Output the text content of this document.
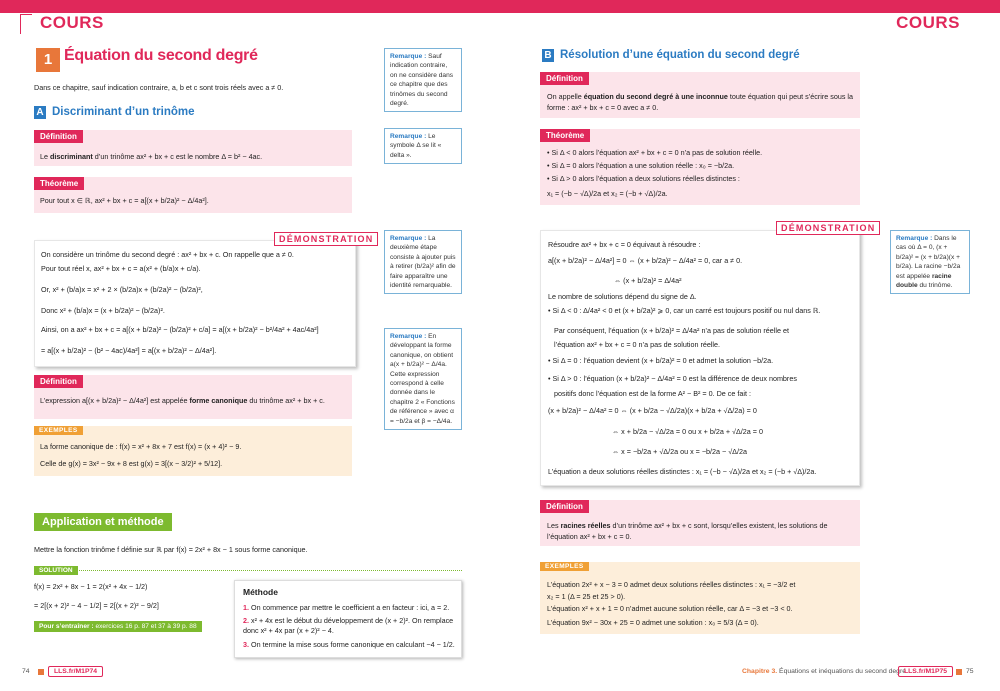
COURS	COURS
1 Équation du second degré
Dans ce chapitre, sauf indication contraire, a, b et c sont trois réels avec a ≠ 0.
A Discriminant d’un trinôme
Définition
Le discriminant d’un trinôme ax² + bx + c est le nombre Δ = b² − 4ac.
Théorème
Pour tout x ∈ ℝ, ax² + bx + c = a[(x + b/2a)² − Δ/4a²].
DÉMONSTRATION
On considère un trinôme du second degré : ax² + bx + c. On rappelle que a ≠ 0.
Pour tout réel x, ax² + bx + c = a(x² + (b/a)x + c/a).
Or, x² + (b/a)x = x² + 2 × (b/2a)x + (b/2a)² − (b/2a)²,
Donc x² + (b/a)x = (x + b/2a)² − (b/2a)².
Ainsi, on a ax² + bx + c = a[(x + b/2a)² − (b/2a)² + c/a] = a[(x + b/2a)² − b²/4a² + 4ac/4a²]
= a[(x + b/2a)² − (b² − 4ac)/4a²] = a[(x + b/2a)² − Δ/4a²].
Définition
L’expression a[(x + b/2a)² − Δ/4a²] est appelée forme canonique du trinôme ax² + bx + c.
EXEMPLES
La forme canonique de : f(x) = x² + 8x + 7 est f(x) = (x + 4)² − 9.
Celle de g(x) = 3x² − 9x + 8 est g(x) = 3[(x − 3/2)² + 5/12].
Remarque : Sauf indication contraire, on ne considère dans ce chapitre que des trinômes du second degré.
Remarque : Le symbole Δ se lit « delta ».
Remarque : La deuxième étape consiste à ajouter puis à retirer (b/2a)² afin de faire apparaître une identité remarquable.
Remarque : En développant la forme canonique, on obtient a(x + b/2a)² − Δ/4a. Cette expression correspond à celle donnée dans le chapitre 2 « Fonctions de référence » avec α = −b/2a et β = −Δ/4a.
Application et méthode
Mettre la fonction trinôme f définie sur ℝ par f(x) = 2x² + 8x − 1 sous forme canonique.
SOLUTION
f(x) = 2x² + 8x − 1 = 2(x² + 4x − 1/2)
= 2[(x + 2)² − 4 − 1/2] = 2[(x + 2)² − 9/2]
Pour s’entraîner : exercices 16 p. 87 et 37 à 39 p. 88
Méthode
1. On commence par mettre le coefficient a en facteur : ici, a = 2.
2. x² + 4x est le début du développement de (x + 2)². On remplace donc x² + 4x par (x + 2)² − 4.
3. On termine la mise sous forme canonique en calculant −4 − 1/2.
74	LLS.fr/M1P74
B Résolution d’une équation du second degré
Définition
On appelle équation du second degré à une inconnue toute équation qui peut s’écrire sous la forme : ax² + bx + c = 0 avec a ≠ 0.
Théorème
• Si Δ < 0 alors l’équation ax² + bx + c = 0 n’a pas de solution réelle.
• Si Δ = 0 alors l’équation a une solution réelle : x₀ = −b/2a.
• Si Δ > 0 alors l’équation a deux solutions réelles distinctes :
x₁ = (−b − √Δ)/2a et x₂ = (−b + √Δ)/2a.
DÉMONSTRATION
Résoudre ax² + bx + c = 0 équivaut à résoudre :
a[(x + b/2a)² − Δ/4a²] = 0 ⇔ (x + b/2a)² − Δ/4a² = 0, car a ≠ 0.
⇔ (x + b/2a)² = Δ/4a²
Le nombre de solutions dépend du signe de Δ.
• Si Δ < 0 : Δ/4a² < 0 et (x + b/2a)² ⩾ 0, car un carré est toujours positif ou nul dans ℝ.
Par conséquent, l’équation (x + b/2a)² = Δ/4a² n’a pas de solution réelle et
l’équation ax² + bx + c = 0 n’a pas de solution réelle.
• Si Δ = 0 : l’équation devient (x + b/2a)² = 0 et admet la solution −b/2a.
• Si Δ > 0 : l’équation (x + b/2a)² − Δ/4a² = 0 est la différence de deux nombres
positifs donc l’équation est de la forme A² − B² = 0. De ce fait :
(x + b/2a)² − Δ/4a² = 0 ⇔ (x + b/2a − √Δ/2a)(x + b/2a + √Δ/2a) = 0
⇔ x + b/2a − √Δ/2a = 0 ou x + b/2a + √Δ/2a = 0
⇔ x = −b/2a + √Δ/2a ou x = −b/2a − √Δ/2a
L’équation a deux solutions réelles distinctes : x₁ = (−b − √Δ)/2a et x₂ = (−b + √Δ)/2a.
Définition
Les racines réelles d’un trinôme ax² + bx + c sont, lorsqu’elles existent, les solutions de l’équation ax² + bx + c = 0.
EXEMPLES
L’équation 2x² + x − 3 = 0 admet deux solutions réelles distinctes : x₁ = −3/2 et
x₂ = 1 (Δ = 25 et 25 > 0).
L’équation x² + x + 1 = 0 n’admet aucune solution réelle, car Δ = −3 et −3 < 0.
L’équation 9x² − 30x + 25 = 0 admet une solution : x₀ = 5/3 (Δ = 0).
Remarque : Dans le cas où Δ = 0, (x + b/2a)² = (x + b/2a)(x + b/2a). La racine −b/2a est appelée racine double du trinôme.
Chapitre 3. Équations et inéquations du second degré
LLS.fr/M1P75	75
